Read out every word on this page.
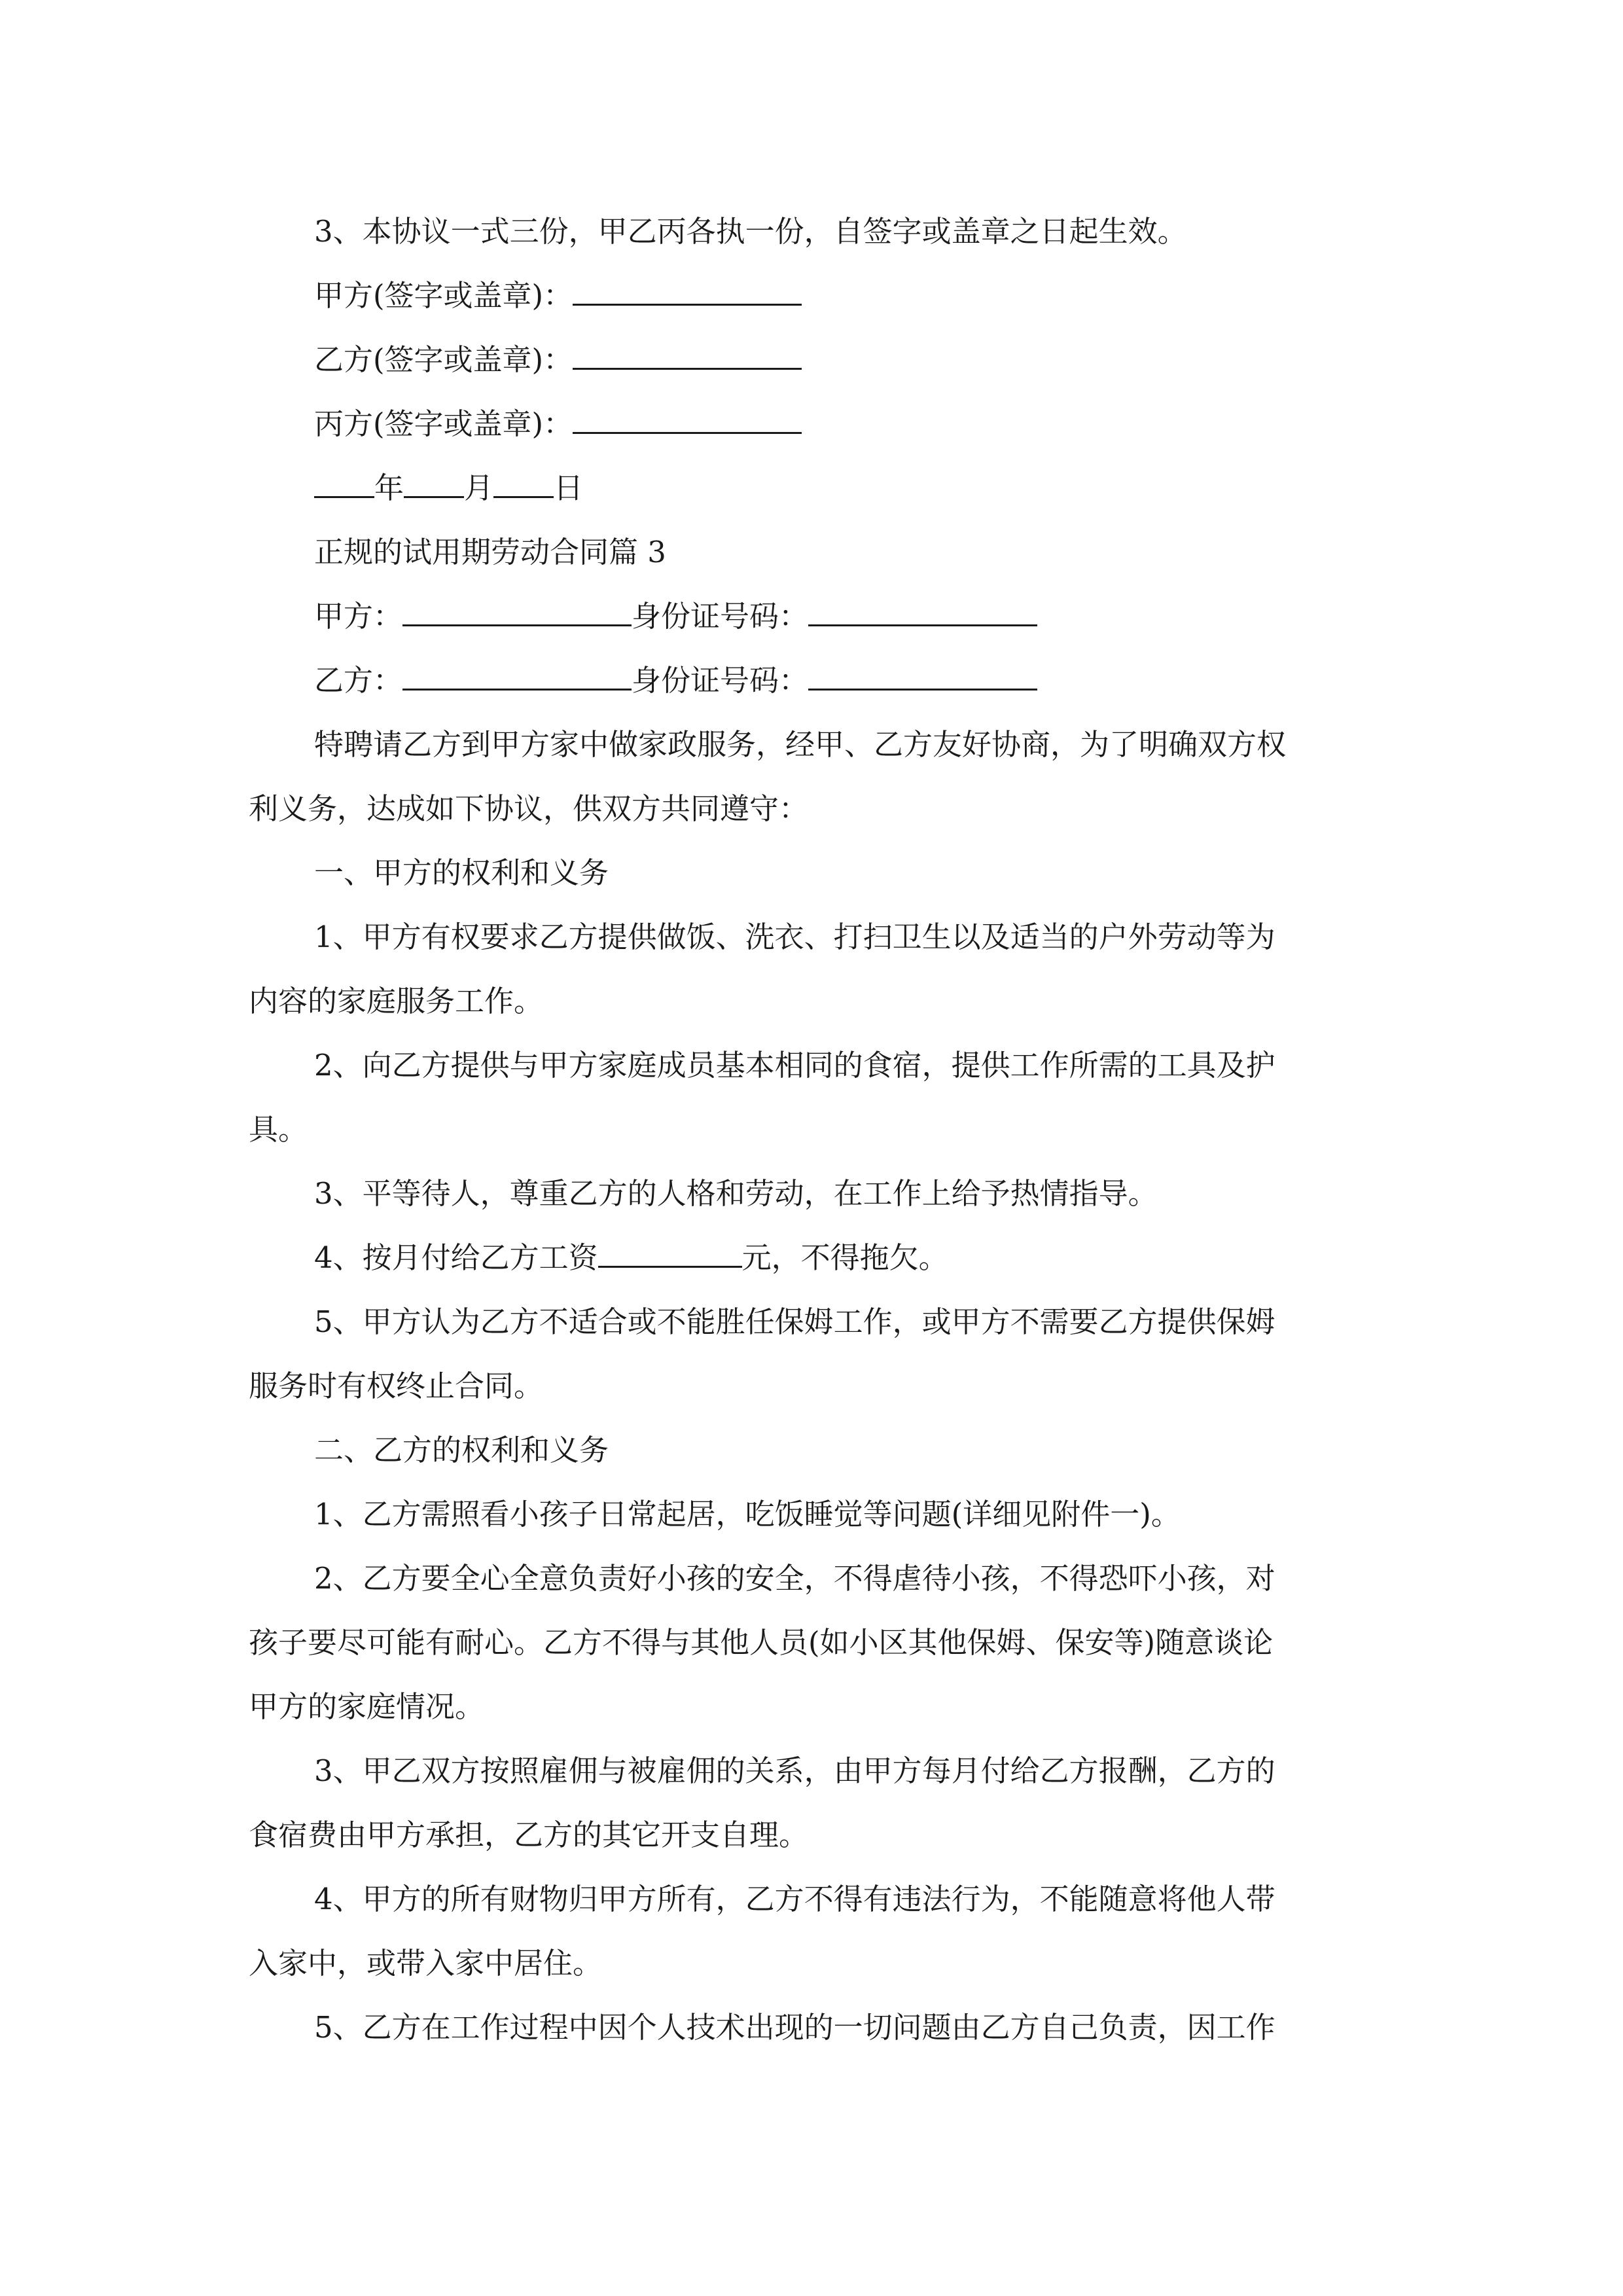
3、本协议一式三份，甲乙丙各执一份，自签字或盖章之日起生效。
甲方(签字或盖章)：
乙方(签字或盖章)：
丙方(签字或盖章)：
年 月 日
正规的试用期劳动合同篇 3
甲方：	身份证号码：
乙方：	身份证号码：
特聘请乙方到甲方家中做家政服务，经甲、乙方友好协商，为了明确双方权
利义务，达成如下协议，供双方共同遵守：
一、甲方的权利和义务
1、甲方有权要求乙方提供做饭、洗衣、打扫卫生以及适当的户外劳动等为
内容的家庭服务工作。
2、向乙方提供与甲方家庭成员基本相同的食宿，提供工作所需的工具及护
具。
3、平等待人，尊重乙方的人格和劳动，在工作上给予热情指导。
4、按月付给乙方工资	元，不得拖欠。
5、甲方认为乙方不适合或不能胜任保姆工作，或甲方不需要乙方提供保姆
服务时有权终止合同。
二、乙方的权利和义务
1、乙方需照看小孩子日常起居，吃饭睡觉等问题(详细见附件一)。
2、乙方要全心全意负责好小孩的安全，不得虐待小孩，不得恐吓小孩，对
孩子要尽可能有耐心。乙方不得与其他人员(如小区其他保姆、保安等)随意谈论
甲方的家庭情况。
3、甲乙双方按照雇佣与被雇佣的关系，由甲方每月付给乙方报酬，乙方的
食宿费由甲方承担，乙方的其它开支自理。
4、甲方的所有财物归甲方所有，乙方不得有违法行为，不能随意将他人带
入家中，或带入家中居住。
5、乙方在工作过程中因个人技术出现的一切问题由乙方自己负责，因工作
